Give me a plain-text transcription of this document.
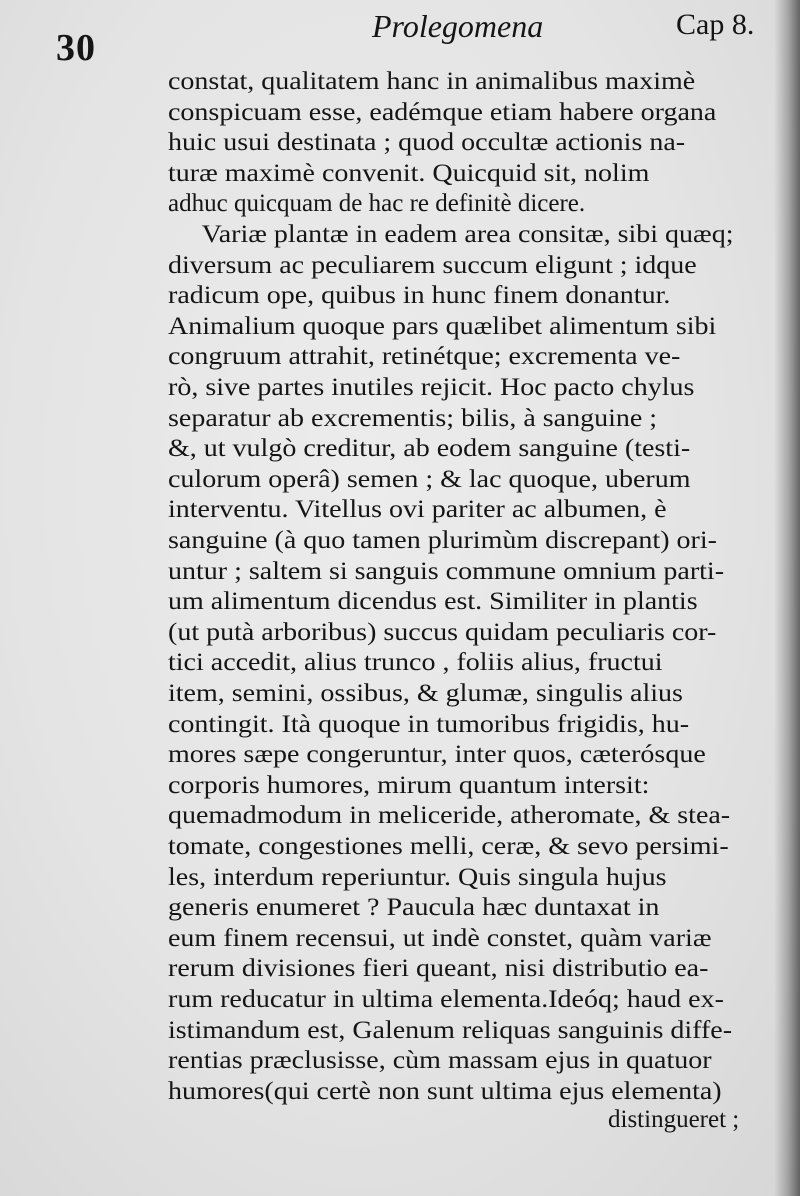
30
Prolegomena	Cap 8.
constat, qualitatem hanc in animalibus maximè
conspicuam esse, eadémque etiam habere organa
huic usui destinata ; quod occultæ actionis na-
turæ maximè convenit. Quicquid sit, nolim
adhuc quicquam de hac re definitè dicere.
Variæ plantæ in eadem area consitæ, sibi quæq;
diversum ac peculiarem succum eligunt ; idque
radicum ope, quibus in hunc finem donantur.
Animalium quoque pars quælibet alimentum sibi
congruum attrahit, retinétque; excrementa ve-
rò, sive partes inutiles rejicit. Hoc pacto chylus
separatur ab excrementis; bilis, à sanguine ;
&, ut vulgò creditur, ab eodem sanguine (testi-
culorum operâ) semen ; & lac quoque, uberum
interventu. Vitellus ovi pariter ac albumen, è
sanguine (à quo tamen plurimùm discrepant) ori-
untur ; saltem si sanguis commune omnium parti-
um alimentum dicendus est. Similiter in plantis
(ut putà arboribus) succus quidam peculiaris cor-
tici accedit, alius trunco , foliis alius, fructui
item, semini, ossibus, & glumæ, singulis alius
contingit. Ità quoque in tumoribus frigidis, hu-
mores sæpe congeruntur, inter quos, cæterósque
corporis humores, mirum quantum intersit:
quemadmodum in meliceride, atheromate, & stea-
tomate, congestiones melli, ceræ, & sevo persimi-
les, interdum reperiuntur. Quis singula hujus
generis enumeret ? Paucula hæc duntaxat in
eum finem recensui, ut indè constet, quàm variæ
rerum divisiones fieri queant, nisi distributio ea-
rum reducatur in ultima elementa.Ideóq; haud ex-
istimandum est, Galenum reliquas sanguinis diffe-
rentias præclusisse, cùm massam ejus in quatuor
humores(qui certè non sunt ultima ejus elementa)
distingueret ;
